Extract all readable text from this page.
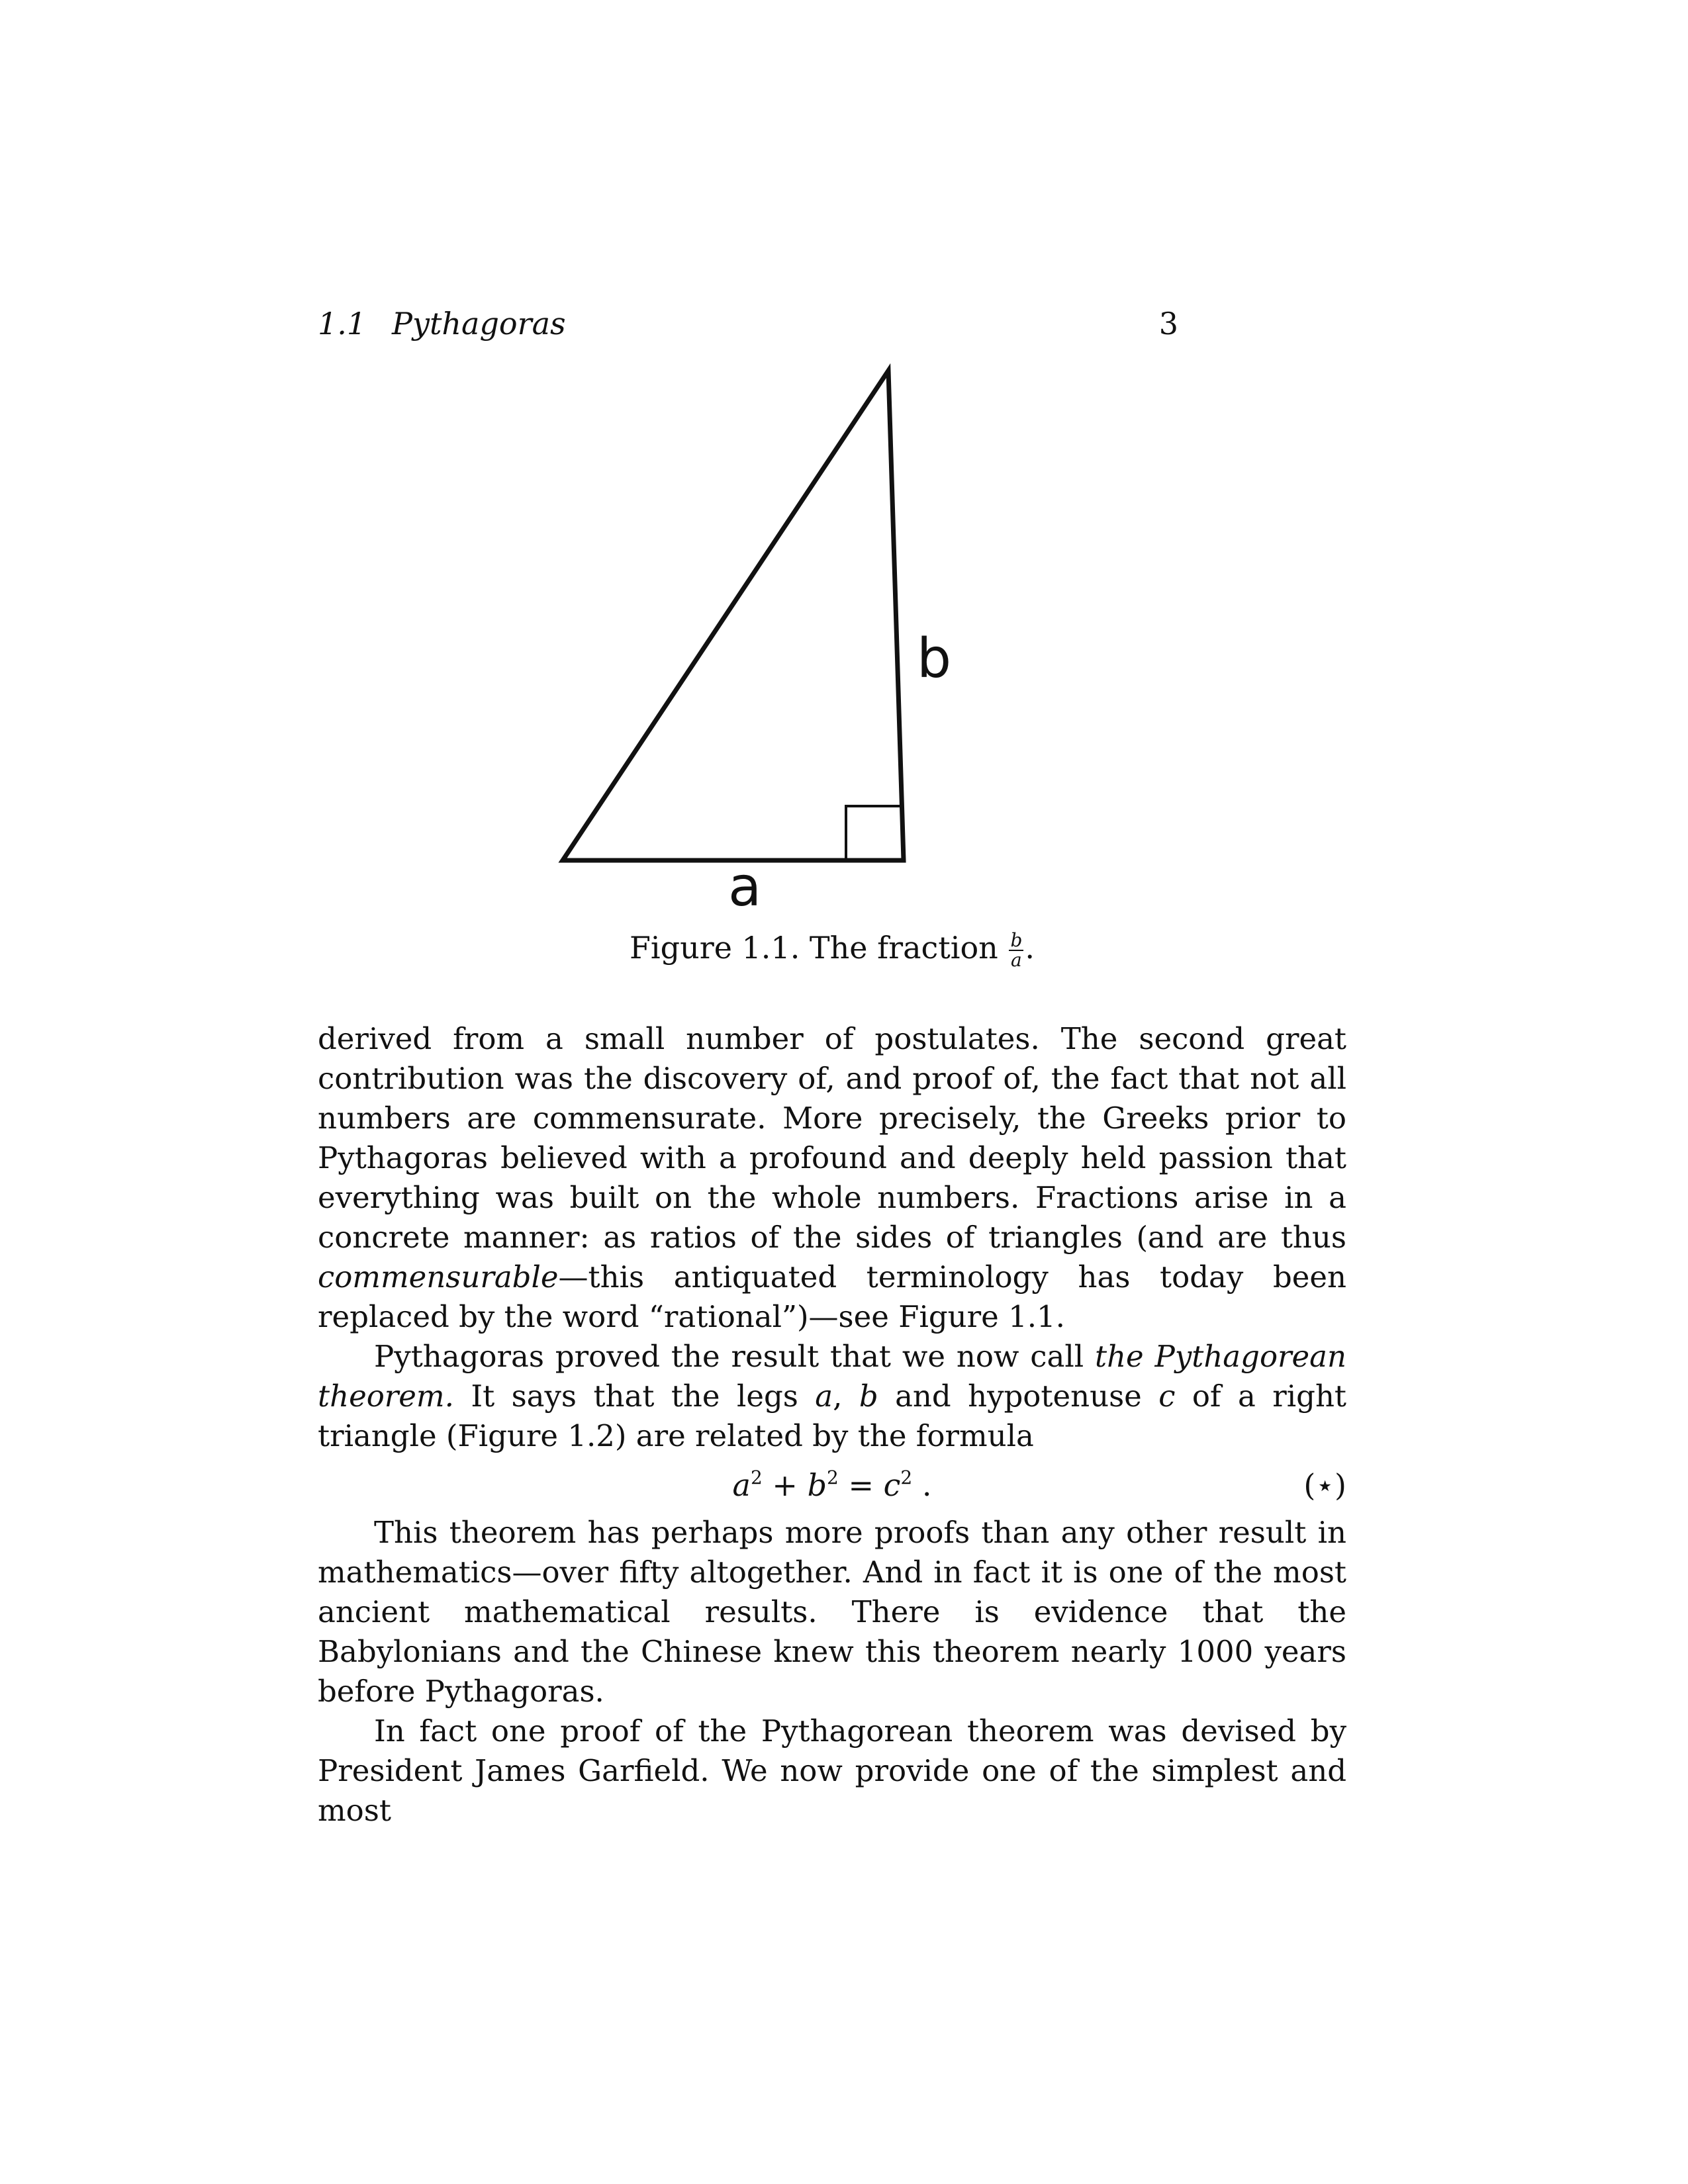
1.1 Pythagoras	3
b
a
Figure 1.1. The fraction $\frac{b}{a}$ .

derived from a small number of postulates. The second great contribution was the discovery of, and proof of, the fact that not all numbers are commensurate. More precisely, the Greeks prior to Pythagoras believed with a profound and deeply held passion that everything was built on the whole numbers. Fractions arise in a concrete manner: as ratios of the sides of triangles (and are thus commensurable—this antiquated terminology has today been replaced by the word “rational”)—see Figure 1.1.

Pythagoras proved the result that we now call the Pythagorean theorem. It says that the legs a, b and hypotenuse c of a right triangle (Figure 1.2) are related by the formula

$a^2 + b^2 = c^2$ .	(⋆)

This theorem has perhaps more proofs than any other result in mathematics—over fifty altogether. And in fact it is one of the most ancient mathematical results. There is evidence that the Babylonians and the Chinese knew this theorem nearly 1000 years before Pythagoras.

In fact one proof of the Pythagorean theorem was devised by President James Garfield. We now provide one of the simplest and most
